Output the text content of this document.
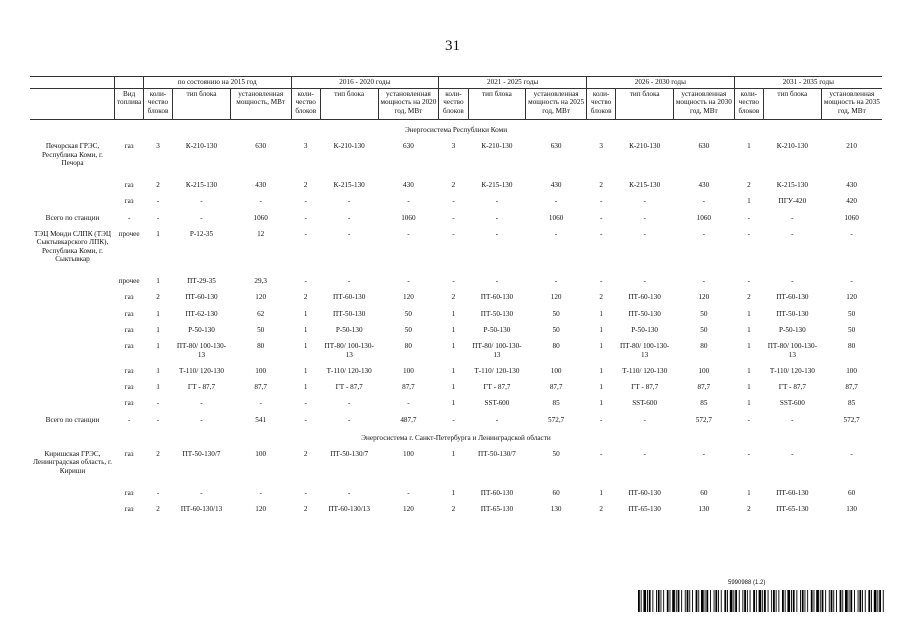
31
		по состоянию на 2015 год			2016 - 2020 годы			2021 - 2025 годы			2026 - 2030 годы			2031 - 2035 годы		
	Вид топлива	коли-чество блоков	тип блока	установленная мощность, МВт	коли-чество блоков	тип блока	установленная мощность на 2020 год, МВт	коли-чество блоков	тип блока	установленная мощность на 2025 год, МВт	коли-чество блоков	тип блока	установленная мощность на 2030 год, МВт	коли-чество блоков	тип блока	установленная мощность на 2035 год, МВт
Энергосистема Республики Коми																
Печорская ГРЭС, Республика Коми, г. Печора	газ	3	К-210-130	630	3	К-210-130	630	3	К-210-130	630	3	К-210-130	630	1	К-210-130	210
	газ	2	К-215-130	430	2	К-215-130	430	2	К-215-130	430	2	К-215-130	430	2	К-215-130	430
	газ	-	-	-	-	-	-	-	-	-	-	-	-	1	ПГУ-420	420
Всего по станции	-	-	-	1060	-	-	1060	-	-	1060	-	-	1060	-	-	1060
ТЭЦ Монди СЛПК (ТЭЦ Сыктывкарского ЛПК), Республика Коми, г. Сыктывкар	прочее	1	Р-12-35	12	-	-	-	-	-	-	-	-	-	-	-	-
	прочее	1	ПТ-29-35	29,3	-	-	-	-	-	-	-	-	-	-	-	-
	газ	2	ПТ-60-130	120	2	ПТ-60-130	120	2	ПТ-60-130	120	2	ПТ-60-130	120	2	ПТ-60-130	120
	газ	1	ПТ-62-130	62	1	ПТ-50-130	50	1	ПТ-50-130	50	1	ПТ-50-130	50	1	ПТ-50-130	50
	газ	1	Р-50-130	50	1	Р-50-130	50	1	Р-50-130	50	1	Р-50-130	50	1	Р-50-130	50
	газ	1	ПТ-80/ 100-130-13	80	1	ПТ-80/ 100-130-13	80	1	ПТ-80/ 100-130-13	80	1	ПТ-80/ 100-130-13	80	1	ПТ-80/ 100-130-13	80
	газ	1	Т-110/ 120-130	100	1	Т-110/ 120-130	100	1	Т-110/ 120-130	100	1	Т-110/ 120-130	100	1	Т-110/ 120-130	100
	газ	1	ГТ - 87,7	87,7	1	ГТ - 87,7	87,7	1	ГТ - 87,7	87,7	1	ГТ - 87,7	87,7	1	ГТ - 87,7	87,7
	газ	-	-	-	-	-	-	1	SST-600	85	1	SST-600	85	1	SST-600	85
Всего по станции	-	-	-	541	-	-	487,7	-	-	572,7	-	-	572,7	-	-	572,7
Энергосистема г. Санкт-Петербурга и Ленинградской области																
Киришская ГРЭС, Ленинградская область, г. Кириши	газ	2	ПТ-50-130/7	100	2	ПТ-50-130/7	100	1	ПТ-50-130/7	50	-	-	-	-	-	-
	газ	-	-	-	-	-	-	1	ПТ-60-130	60	1	ПТ-60-130	60	1	ПТ-60-130	60
	газ	2	ПТ-60-130/13	120	2	ПТ-60-130/13	120	2	ПТ-65-130	130	2	ПТ-65-130	130	2	ПТ-65-130	130
5990988 (1.2)
